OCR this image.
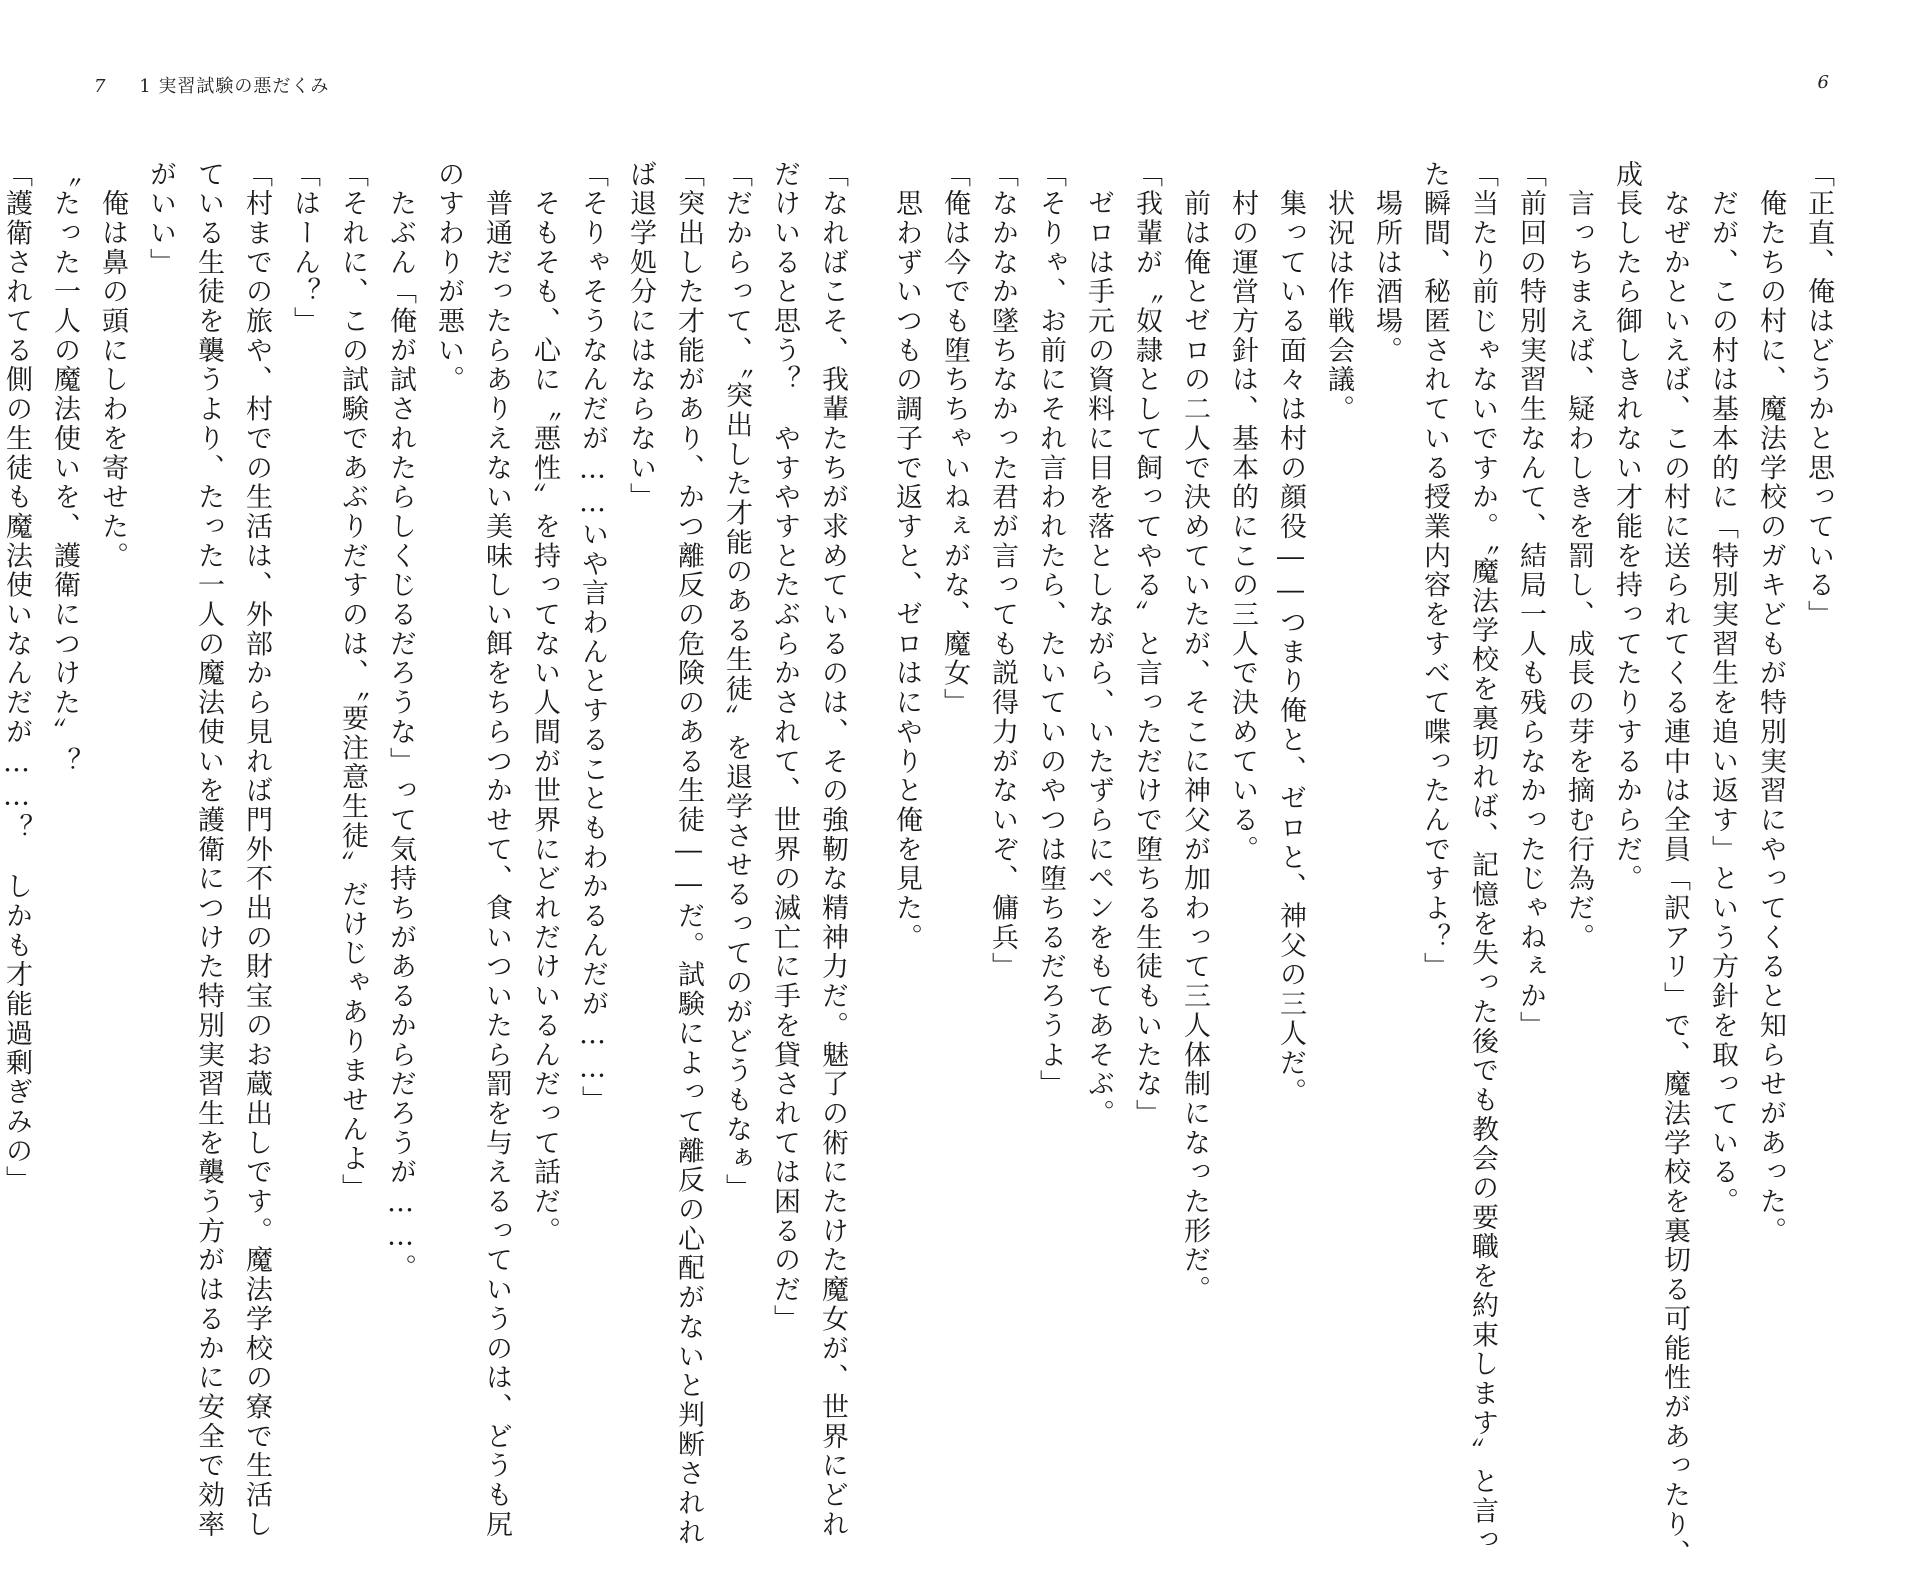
7 1 実習試験の悪だくみ
「なればこそ、我輩たちが求めているのは、その強靭な精神力だ。魅了の術にたけた魔女が、世界にどれ
だけいると思う？　やすやすとたぶらかされて、世界の滅亡に手を貸されては困るのだ」
「だからって、〝突出した才能のある生徒〟を退学させるってのがどうもなぁ」
「突出した才能があり、かつ離反の危険のある生徒――だ。試験によって離反の心配がないと判断されれ
ば退学処分にはならない」
「そりゃそうなんだが……いや言わんとすることもわかるんだが……」
　そもそも、心に〝悪性〟を持ってない人間が世界にどれだけいるんだって話だ。
　普通だったらありえない美味しい餌をちらつかせて、食いついたら罰を与えるっていうのは、どうも尻
のすわりが悪い。
　たぶん「俺が試されたらしくじるだろうな」って気持ちがあるからだろうが……。
「それに、この試験であぶりだすのは、〝要注意生徒〟だけじゃありませんよ」
「はーん？」
「村までの旅や、村での生活は、外部から見れば門外不出の財宝のお蔵出しです。魔法学校の寮で生活し
ている生徒を襲うより、たった一人の魔法使いを護衛につけた特別実習生を襲う方がはるかに安全で効率
がいい」
　俺は鼻の頭にしわを寄せた。
〝たった一人の魔法使いを、護衛につけた〟？
「護衛されてる側の生徒も魔法使いなんだが……？　しかも才能過剰ぎみの」
6
「正直、俺はどうかと思っている」
　俺たちの村に、魔法学校のガキどもが特別実習にやってくると知らせがあった。
　だが、この村は基本的に「特別実習生を追い返す」という方針を取っている。
　なぜかといえば、この村に送られてくる連中は全員「訳アリ」で、魔法学校を裏切る可能性があったり、
成長したら御しきれない才能を持ってたりするからだ。
　言っちまえば、疑わしきを罰し、成長の芽を摘む行為だ。
「前回の特別実習生なんて、結局一人も残らなかったじゃねぇか」
「当たり前じゃないですか。〝魔法学校を裏切れば、記憶を失った後でも教会の要職を約束します〟と言っ
た瞬間、秘匿されている授業内容をすべて喋ったんですよ？」
　場所は酒場。
　状況は作戦会議。
　集っている面々は村の顔役――つまり俺と、ゼロと、神父の三人だ。
　村の運営方針は、基本的にこの三人で決めている。
　前は俺とゼロの二人で決めていたが、そこに神父が加わって三人体制になった形だ。
「我輩が〝奴隷として飼ってやる〟と言っただけで堕ちる生徒もいたな」
　ゼロは手元の資料に目を落としながら、いたずらにペンをもてあそぶ。
「そりゃ、お前にそれ言われたら、たいていのやつは堕ちるだろうよ」
「なかなか墜ちなかった君が言っても説得力がないぞ、傭兵」
「俺は今でも堕ちちゃいねぇがな、魔女」
　思わずいつもの調子で返すと、ゼロはにやりと俺を見た。
